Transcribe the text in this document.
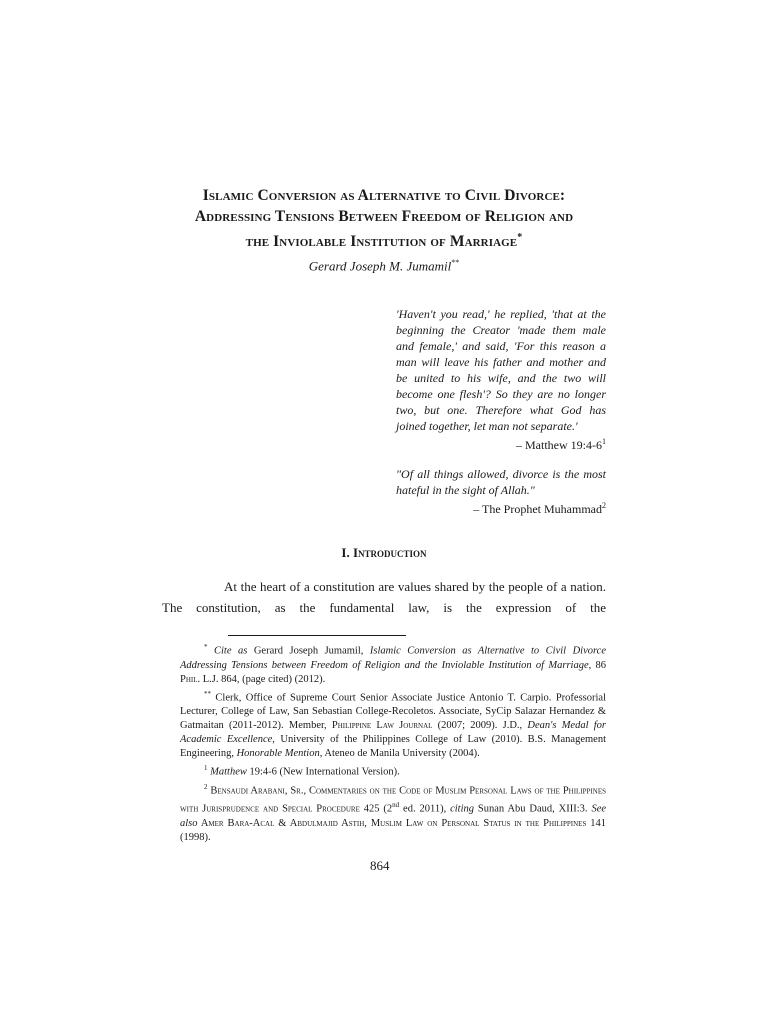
Islamic Conversion as Alternative to Civil Divorce:
Addressing Tensions Between Freedom of Religion and
the Inviolable Institution of Marriage*
Gerard Joseph M. Jumamil**
'Haven't you read,' he replied, 'that at the beginning the Creator 'made them male and female,' and said, 'For this reason a man will leave his father and mother and be united to his wife, and the two will become one flesh'? So they are no longer two, but one. Therefore what God has joined together, let man not separate.'
– Matthew $19:4-6^1$
"Of all things allowed, divorce is the most hateful in the sight of Allah."
– The Prophet Muhammad$^2$
I. Introduction

At the heart of a constitution are values shared by the people of a nation. The constitution, as the fundamental law, is the expression of the

* Cite as Gerard Joseph Jumamil, Islamic Conversion as Alternative to Civil Divorce Addressing Tensions between Freedom of Religion and the Inviolable Institution of Marriage, 86 Phil. L.J. 864, (page cited) (2012).

** Clerk, Office of Supreme Court Senior Associate Justice Antonio T. Carpio. Professorial Lecturer, College of Law, San Sebastian College-Recoletos. Associate, SyCip Salazar Hernandez & Gatmaitan (2011-2012). Member, Philippine Law Journal (2007; 2009). J.D., Dean's Medal for Academic Excellence, University of the Philippines College of Law (2010). B.S. Management Engineering, Honorable Mention, Ateneo de Manila University (2004).

$^1$ Matthew 19:4-6 (New International Version).

$^2$ Bensaudi Arabani, Sr., Commentaries on the Code of Muslim Personal Laws of the Philippines with Jurisprudence and Special Procedure 425 (2nd ed. 2011), citing Sunan Abu Daud, XIII:3. See also Amer Bara-Acal & Abdulmajid Astih, Muslim Law on Personal Status in the Philippines 141 (1998).

864
